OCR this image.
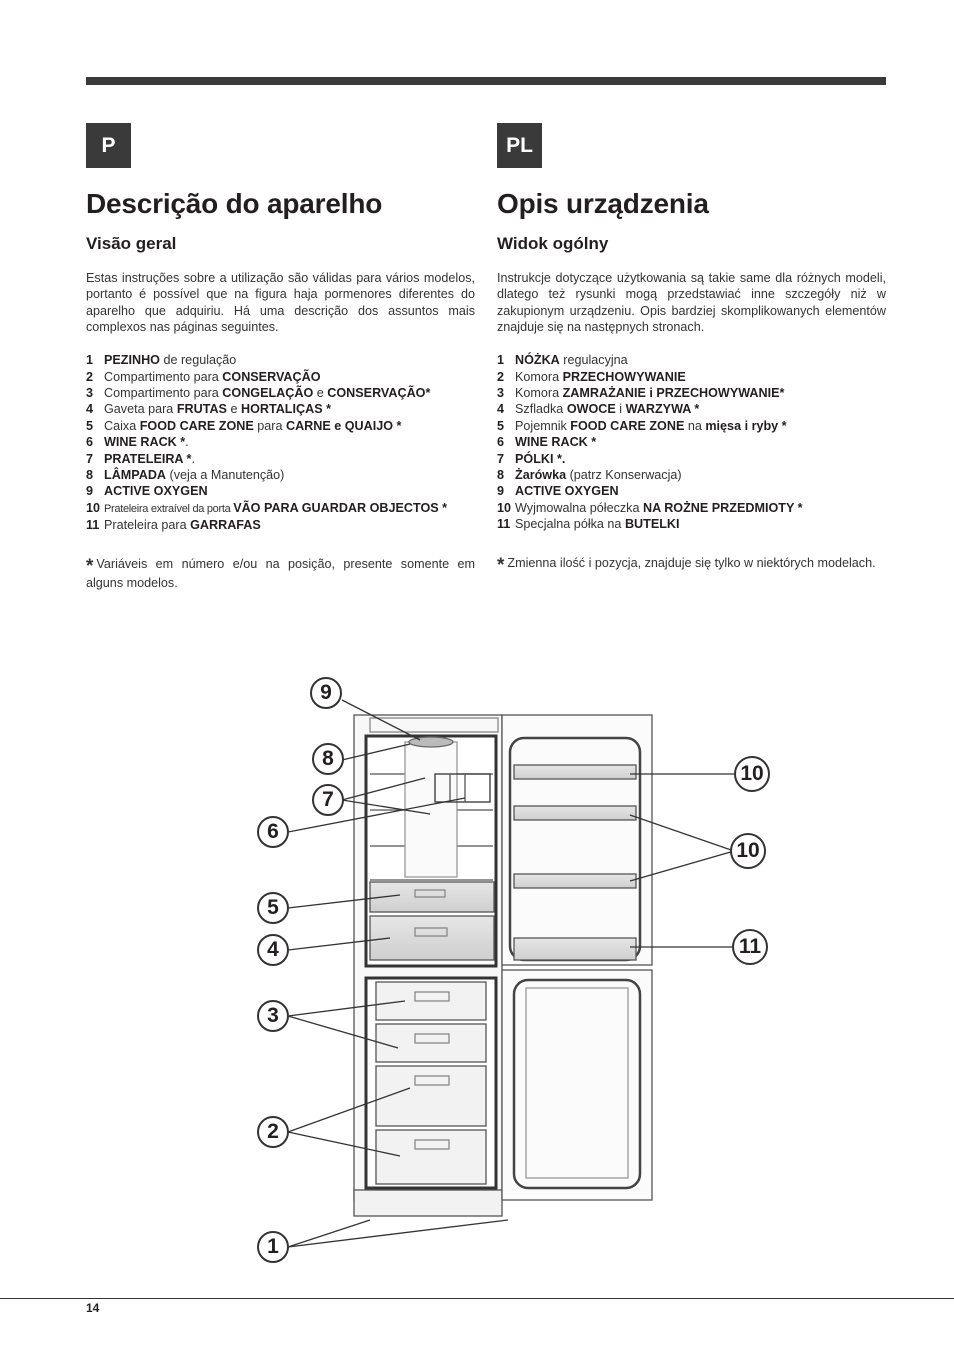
P	PL
Descrição do aparelho
Visão geral

Estas instruções sobre a utilização são válidas para vários modelos, portanto é possível que na figura haja pormenores diferentes do aparelho que adquiriu. Há uma descrição dos assuntos mais complexos nas páginas seguintes.

1 PEZINHO de regulação
2 Compartimento para CONSERVAÇÃO
3 Compartimento para CONGELAÇÃO e CONSERVAÇÃO*
4 Gaveta para FRUTAS e HORTALIÇAS *
5 Caixa FOOD CARE ZONE para CARNE e QUAIJO *
6 WINE RACK *.
7 PRATELEIRA *.
8 LÂMPADA (veja a Manutenção)
9 ACTIVE OXYGEN
10 Prateleira extraível da porta VÃO PARA GUARDAR OBJECTOS *
11 Prateleira para GARRAFAS

* Variáveis em número e/ou na posição, presente somente em alguns modelos.

Opis urządzenia
Widok ogólny

Instrukcje dotyczące użytkowania są takie same dla różnych modeli, dlatego też rysunki mogą przedstawiać inne szczegóły niż w zakupionym urządzeniu. Opis bardziej skomplikowanych elementów znajduje się na następnych stronach.

1 NÓŻKA regulacyjna
2 Komora PRZECHOWYWANIE
3 Komora ZAMRAŻANIE i PRZECHOWYWANIE*
4 Szfladka OWOCE i WARZYWA *
5 Pojemnik FOOD CARE ZONE na mięsa i ryby *
6 WINE RACK *
7 PÓLKI *.
8 Żarówka (patrz Konserwacja)
9 ACTIVE OXYGEN
10 Wyjmowalna półeczka NA ROŻNE PRZEDMIOTY *
11 Specjalna półka na BUTELKI

* Zmienna ilość i pozycja, znajduje się tylko w niektórych modelach.

9
8
7
6
5
4
3
2
1
10
10
11
14
